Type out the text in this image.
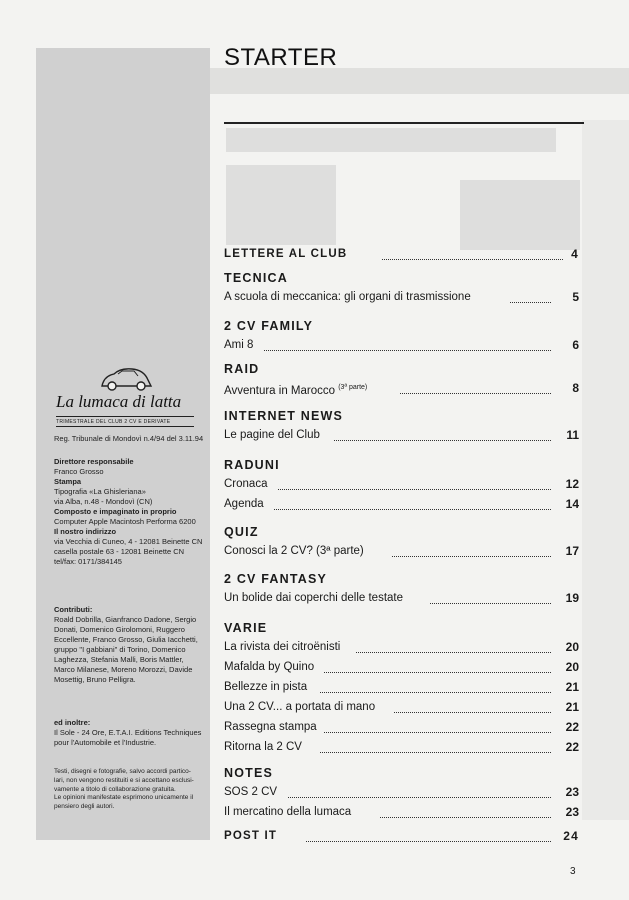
STARTER
La lumaca di latta
TRIMESTRALE DEL CLUB 2 CV E DERIVATE
Reg. Tribunale di Mondovì n.4/94 del 3.11.94
Direttore responsabile
Franco Grosso
Stampa
Tipografia «La Ghisleriana»
via Alba, n.48 - Mondovì (CN)
Composto e impaginato in proprio
Computer Apple Macintosh Performa 6200
Il nostro indirizzo
via Vecchia di Cuneo, 4 - 12081 Beinette CN
casella postale 63 - 12081 Beinette CN
tel/fax: 0171/384145
Contributi:
Roald Dobrilla, Gianfranco Dadone, Sergio
Donati, Domenico Girolomoni, Ruggero
Eccellente, Franco Grosso, Giulia Iacchetti,
gruppo "I gabbiani" di Torino, Domenico
Laghezza, Stefania Malli, Boris Mattler,
Marco Milanese, Moreno Morozzi, Davide
Mosettig, Bruno Pelligra.
ed inoltre:
Il Sole - 24 Ore, E.T.A.I. Editions Techniques
pour l'Automobile et l'Industrie.
Testi, disegni e fotografie, salvo accordi partico-
lari, non vengono restituiti e si accettano esclusi-
vamente a titolo di collaborazione gratuita.
Le opinioni manifestate esprimono unicamente il
pensiero degli autori.
LETTERE AL CLUB	4
TECNICA
A scuola di meccanica: gli organi di trasmissione	5
2 CV FAMILY
Ami 8	6
RAID
Avventura in Marocco $^{(3ª parte)}$	8
INTERNET NEWS
Le pagine del Club	11
RADUNI
Cronaca	12
Agenda	14
QUIZ
Conosci la 2 CV? (3ª parte)	17
2 CV FANTASY
Un bolide dai coperchi delle testate	19
VARIE
La rivista dei citroënisti	20
Mafalda by Quino	20
Bellezze in pista	21
Una 2 CV... a portata di mano	21
Rassegna stampa	22
Ritorna la 2 CV	22
NOTES
SOS 2 CV	23
Il mercatino della lumaca	23
POST IT	24
3
